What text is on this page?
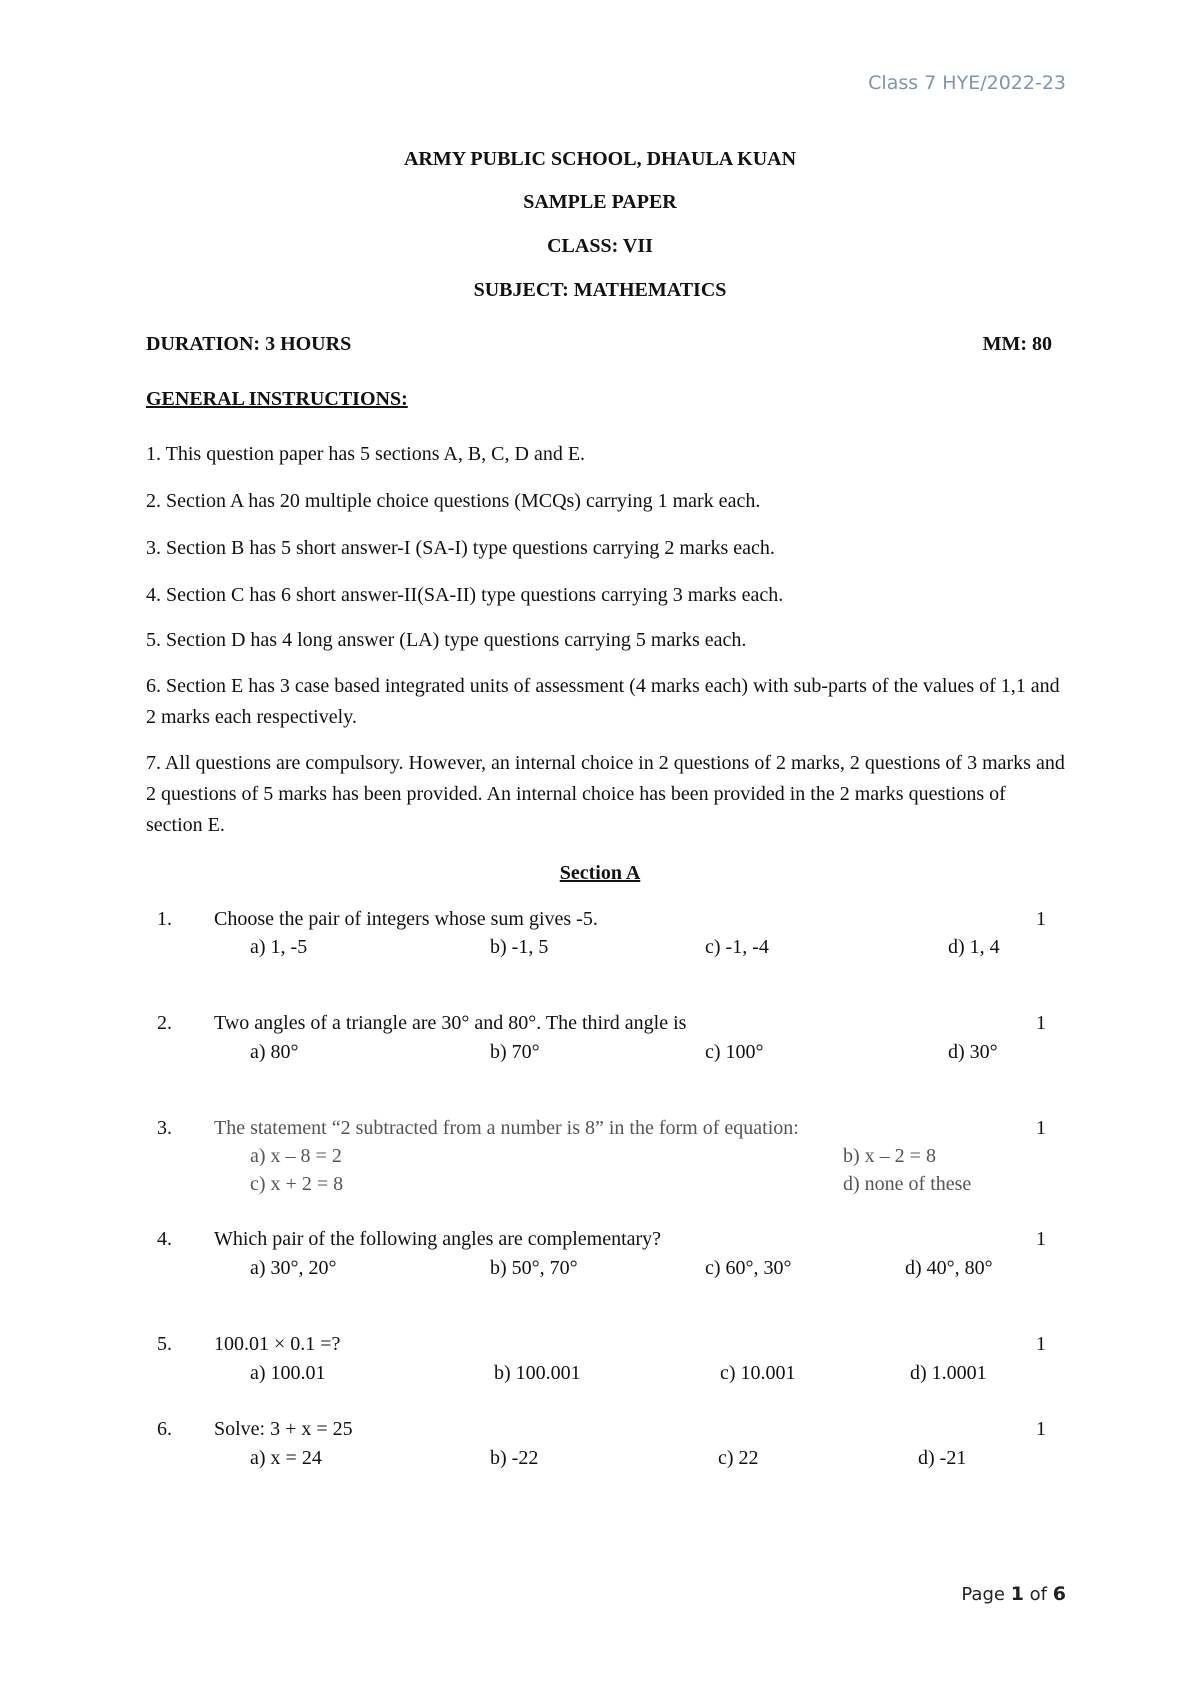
Class 7 HYE/2022-23
ARMY PUBLIC SCHOOL, DHAULA KUAN
SAMPLE PAPER
CLASS: VII
SUBJECT: MATHEMATICS
DURATION: 3 HOURS	MM: 80
GENERAL INSTRUCTIONS:
1. This question paper has 5 sections A, B, C, D and E.
2. Section A has 20 multiple choice questions (MCQs) carrying 1 mark each.
3. Section B has 5 short answer-I (SA-I) type questions carrying 2 marks each.
4. Section C has 6 short answer-II(SA-II) type questions carrying 3 marks each.
5. Section D has 4 long answer (LA) type questions carrying 5 marks each.
6. Section E has 3 case based integrated units of assessment (4 marks each) with sub-parts of the values of 1,1 and 2 marks each respectively.
7. All questions are compulsory. However, an internal choice in 2 questions of 2 marks, 2 questions of 3 marks and 2 questions of 5 marks has been provided. An internal choice has been provided in the 2 marks questions of section E.
Section A
1. Choose the pair of integers whose sum gives -5.	1
a) 1, -5	b) -1, 5	c) -1, -4	d) 1, 4
2. Two angles of a triangle are 30° and 80°. The third angle is	1
a) 80°	b) 70°	c) 100°	d) 30°
3. The statement “2 subtracted from a number is 8” in the form of equation:	1
a) x – 8 = 2	b) x – 2 = 8
c) x + 2 = 8	d) none of these
4. Which pair of the following angles are complementary?	1
a) 30°, 20°	b) 50°, 70°	c) 60°, 30°	d) 40°, 80°
5. 100.01 × 0.1 =?	1
a) 100.01	b) 100.001	c) 10.001	d) 1.0001
6. Solve: 3 + x = 25	1
a) x = 24	b) -22	c) 22	d) -21
Page 1 of 6
